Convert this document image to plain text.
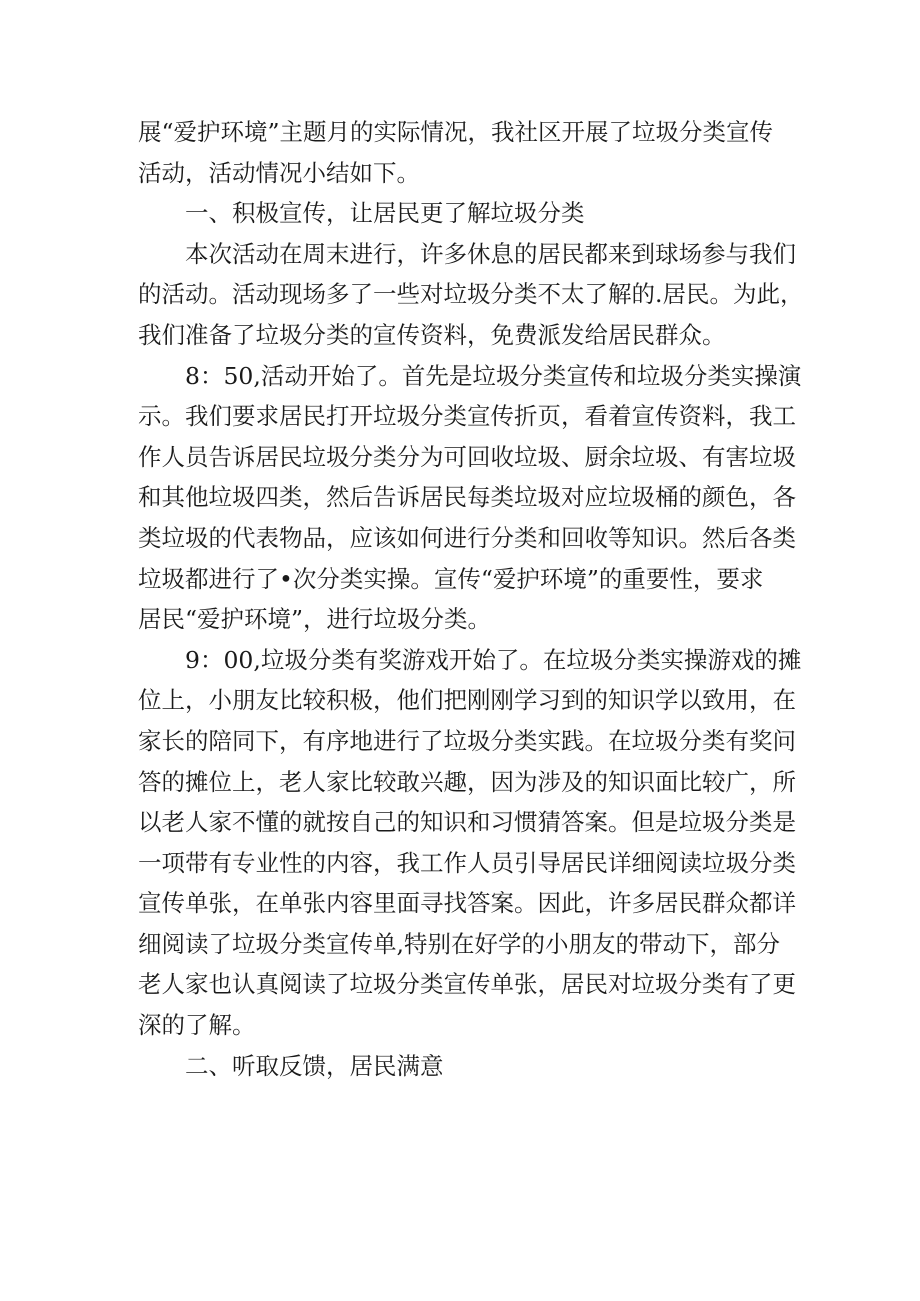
展“爱护环境”主题月的实际情况，我社区开展了垃圾分类宣传
活动，活动情况小结如下。
一、积极宣传，让居民更了解垃圾分类
本次活动在周末进行，许多休息的居民都来到球场参与我们
的活动。活动现场多了一些对垃圾分类不太了解的.居民。为此，
我们准备了垃圾分类的宣传资料，免费派发给居民群众。
8：50,活动开始了。首先是垃圾分类宣传和垃圾分类实操演
示。我们要求居民打开垃圾分类宣传折页，看着宣传资料，我工
作人员告诉居民垃圾分类分为可回收垃圾、厨余垃圾、有害垃圾
和其他垃圾四类，然后告诉居民每类垃圾对应垃圾桶的颜色，各
类垃圾的代表物品，应该如何进行分类和回收等知识。然后各类
垃圾都进行了•次分类实操。宣传“爱护环境”的重要性，要求
居民“爱护环境”，进行垃圾分类。
9：00,垃圾分类有奖游戏开始了。在垃圾分类实操游戏的摊
位上，小朋友比较积极，他们把刚刚学习到的知识学以致用，在
家长的陪同下，有序地进行了垃圾分类实践。在垃圾分类有奖问
答的摊位上，老人家比较敢兴趣，因为涉及的知识面比较广，所
以老人家不懂的就按自己的知识和习惯猜答案。但是垃圾分类是
一项带有专业性的内容，我工作人员引导居民详细阅读垃圾分类
宣传单张，在单张内容里面寻找答案。因此，许多居民群众都详
细阅读了垃圾分类宣传单,特别在好学的小朋友的带动下，部分
老人家也认真阅读了垃圾分类宣传单张，居民对垃圾分类有了更
深的了解。
二、听取反馈，居民满意
